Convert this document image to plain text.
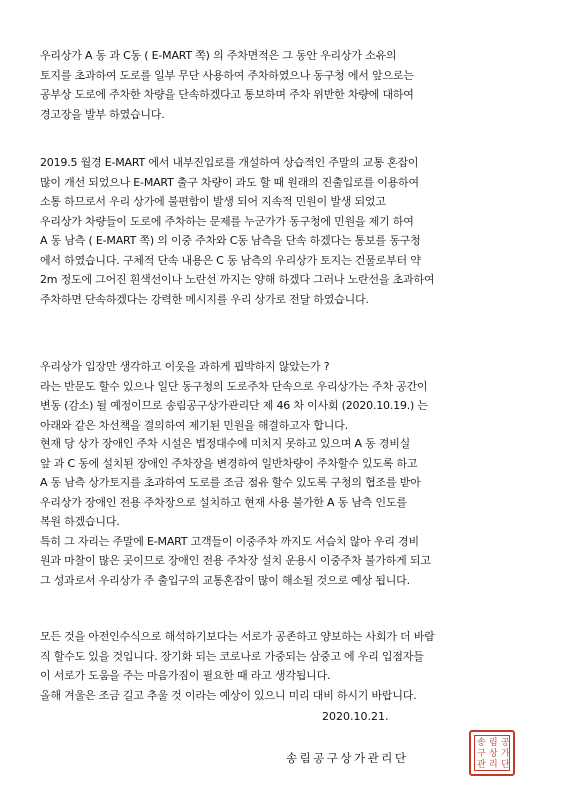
우리상가 A 동 과 C동 ( E-MART 쪽) 의 주차면적은 그 동안 우리상가 소유의
토지를 초과하여 도로를 일부 무단 사용하여 주차하였으나 동구청 에서 앞으로는
공부상 도로에 주차한 차량을 단속하겠다고 통보하며 주차 위반한 차량에 대하여
경고장을 발부 하였습니다.
2019.5 월경 E-MART 에서 내부진입로를 개설하여 상습적인 주말의 교통 혼잡이
많이 개선 되었으나 E-MART 출구 차량이 과도 할 때 원래의 진출입로를 이용하여
소통 하므로서 우리 상가에 불편함이 발생 되어 지속적 민원이 발생 되었고
우리상가 차량들이 도로에 주차하는 문제를 누군가가 동구청에 민원을 제기 하여
A 동 남측 ( E-MART 쪽) 의 이중 주차와 C동 남측을 단속 하겠다는 통보를 동구청
에서 하였습니다. 구체적 단속 내용은 C 동 남측의 우리상가 토지는 건물로부터 약
2m 정도에 그어진 흰색선이나 노란선 까지는 양해 하겠다 그러나 노란선을 초과하여
주차하면 단속하겠다는 강력한 메시지를 우리 상가로 전달 하였습니다.
우리상가 입장만 생각하고 이웃을 과하게 핍박하지 않았는가 ?
라는 반문도 할수 있으나 일단 동구청의 도로주차 단속으로 우리상가는 주차 공간이
변동 (감소) 될 예정이므로 송림공구상가관리단 제 46 차 이사회 (2020.10.19.) 는
아래와 같은 차선책을 결의하여 제기된 민원을 해결하고자 합니다.
현재 당 상가 장애인 주차 시설은 법정대수에 미치지 못하고 있으며 A 동 경비실
앞 과 C 동에 설치된 장애인 주차장을 변경하여 일반차량이 주차할수 있도록 하고
A 동 남측 상가토지를 초과하여 도로를 조금 점유 할수 있도록 구청의 협조를 받아
우리상가 장애인 전용 주차장으로 설치하고 현재 사용 불가한 A 동 남측 인도를
복원 하겠습니다.
특히 그 자리는 주말에 E-MART 고객들이 이중주차 까지도 서슴치 않아 우리 경비
원과 마찰이 많은 곳이므로 장애인 전용 주차장 설치 운용시 이중주차 불가하게 되고
그 성과로서 우리상가 주 출입구의 교통혼잡이 많이 해소될 것으로 예상 됩니다.
모든 것을 아전인수식으로 해석하기보다는 서로가 공존하고 양보하는 사회가 더 바람
직 할수도 있을 것입니다. 장기화 되는 코로나로 가중되는 삼중고 에 우리 입점자들
이 서로가 도움을 주는 마음가짐이 필요한 때 라고 생각됩니다.
올해 겨울은 조금 길고 추울 것 이라는 예상이 있으니 미리 대비 하시기 바랍니다.
2020.10.21.
송림공구상가관리단
송 림 공
구 상 가
관 리 단
